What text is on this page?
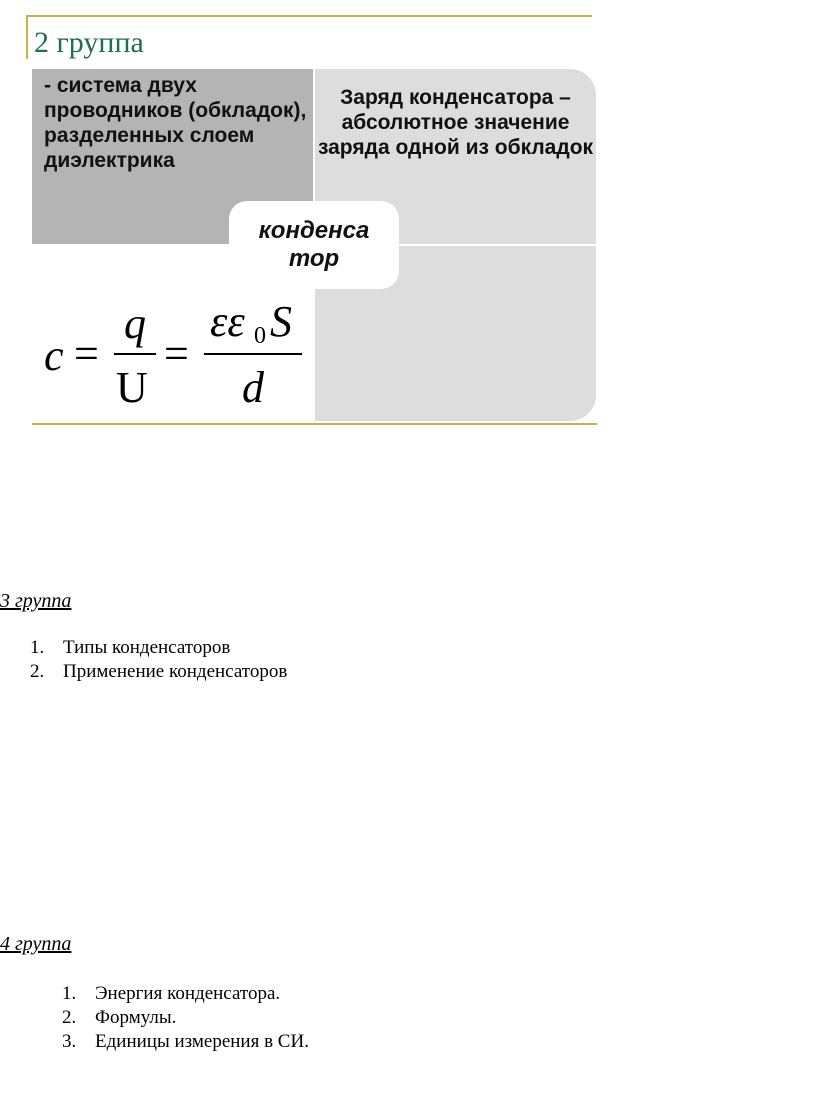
2 группа
- система двух проводников (обкладок), разделенных слоем диэлектрика
Заряд конденсатора – абсолютное значение заряда одной из обкладок
конденса тор
c =
q
U
=
εε 0 S
d
3 группа
1. Типы конденсаторов
2. Применение конденсаторов
4 группа
1. Энергия конденсатора.
2. Формулы.
3. Единицы измерения в СИ.
